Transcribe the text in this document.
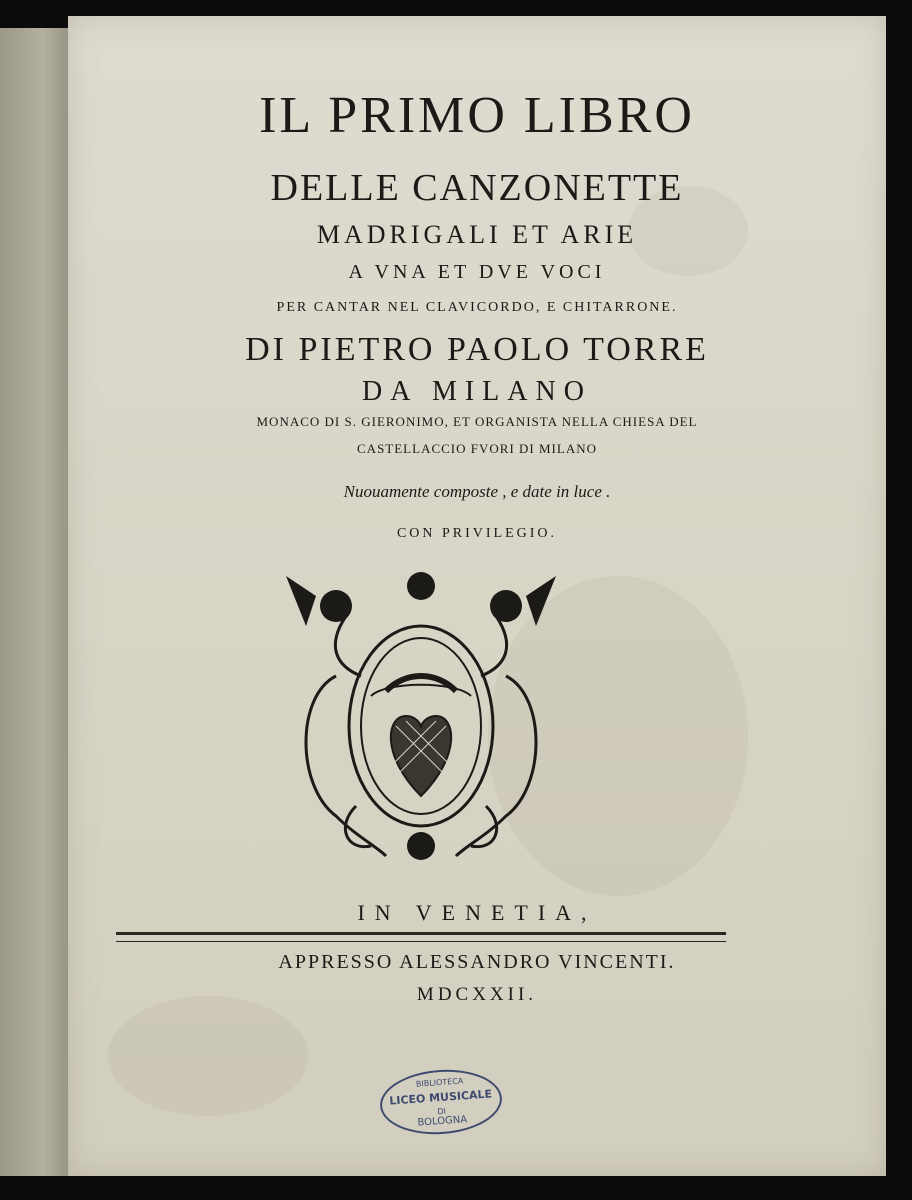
IL PRIMO LIBRO
DELLE CANZONETTE
MADRIGALI ET ARIE
A VNA ET DVE VOCI
PER CANTAR NEL CLAVICORDO, E CHITARRONE.
DI PIETRO PAOLO TORRE
DA MILANO
MONACO DI S. GIERONIMO, ET ORGANISTA NELLA CHIESA DEL
CASTELLACCIO FVORI DI MILANO
Nuouamente composte , e date in luce .
CON PRIVILEGIO.
IN VENETIA,
APPRESSO ALESSANDRO VINCENTI.
MDCXXII.
BIBLIOTECA
LICEO MUSICALE
DI
BOLOGNA
